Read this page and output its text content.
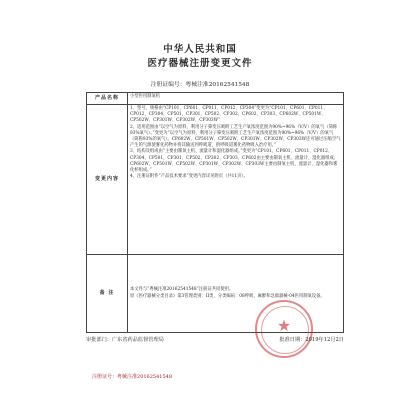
中华人民共和国
医疗器械注册变更文件
注册证编号：粤械注准20162541548
产品名称	小型医用制氧机

变更内容	1、型号、规格由“CP101、CP601、CP011、CP012、CP304”变更为“CP101、CP601、CP011、CP012、CP304、CP501、CP301、CP502、CP302、CP602、CP303、CP602W、CP501W、CP502W、CP301W、CP302W、CP303W”

2、适用范围由“以空气为原料，利用分子筛变压吸附工艺生产氧浓度范围为90%~96%（V/V）的氧气（简称93%氧气）。”变更为“以空气为原料，利用分子筛变压吸附工艺生产氧浓度范围为90%~96%（V/V）的氧气（简称93%的氧气）。CP602W、CP501W、CP502W、CP301W、CP302W、CP303W还可通过压缩空气产生的气源使雾化药物并将其输送到呼吸道，供呼吸道雾化药物吸入治疗用。”

3、结构及组成由“主要由制氧主机、流量计和湿化器组成。”变更为“CP101、CP601、CP011、CP012、CP304、CP501、CP301、CP502、CP302、CP303、CP602由主要由制氧主机、流量计、湿化器组成；CP602W、CP501W、CP502W、CP301W、CP302W、CP303W主要由制氧主机、流量计、湿化器和雾化杯组成。”

4、注册证附件“产品技术要求”变更内容详见附页（共11页）。

备 注	本文件与“粤械注准20162541548”注册证共同使用。

原《医疗器械分类目录》第3管理类别：II类，分类编码：08呼吸、麻醉和急救器械-04医用制氧设备。

★
审批部门：广东省药品监督管理局	批准日期：2019年12月2日
注册证号：粤械注准20162541548
